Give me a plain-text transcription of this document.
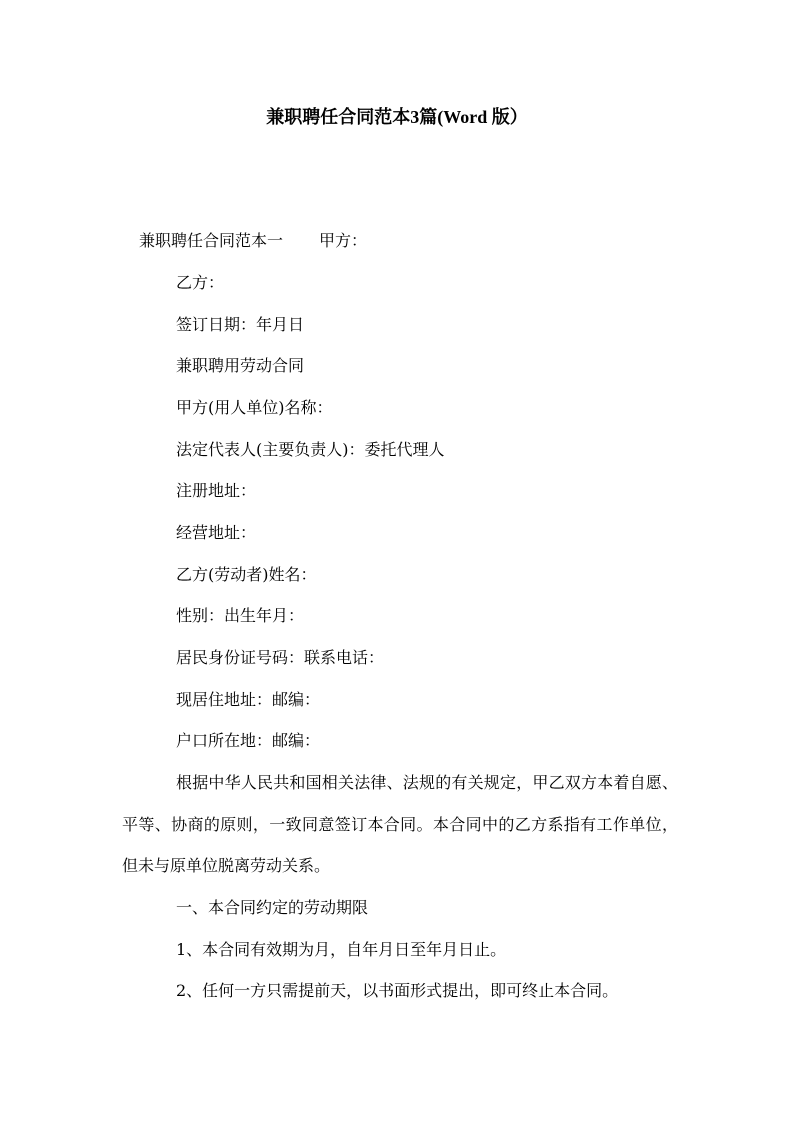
兼职聘任合同范本3篇(Word 版）

兼职聘任合同范本一 甲方：

乙方：

签订日期：年月日

兼职聘用劳动合同

甲方(用人单位)名称：

法定代表人(主要负责人)：委托代理人

注册地址：

经营地址：

乙方(劳动者)姓名：

性别：出生年月：

居民身份证号码：联系电话：

现居住地址：邮编：

户口所在地：邮编：

根据中华人民共和国相关法律、法规的有关规定，甲乙双方本着自愿、平等、协商的原则，一致同意签订本合同。本合同中的乙方系指有工作单位，但未与原单位脱离劳动关系。

一、本合同约定的劳动期限

1、本合同有效期为月，自年月日至年月日止。

2、任何一方只需提前天，以书面形式提出，即可终止本合同。
